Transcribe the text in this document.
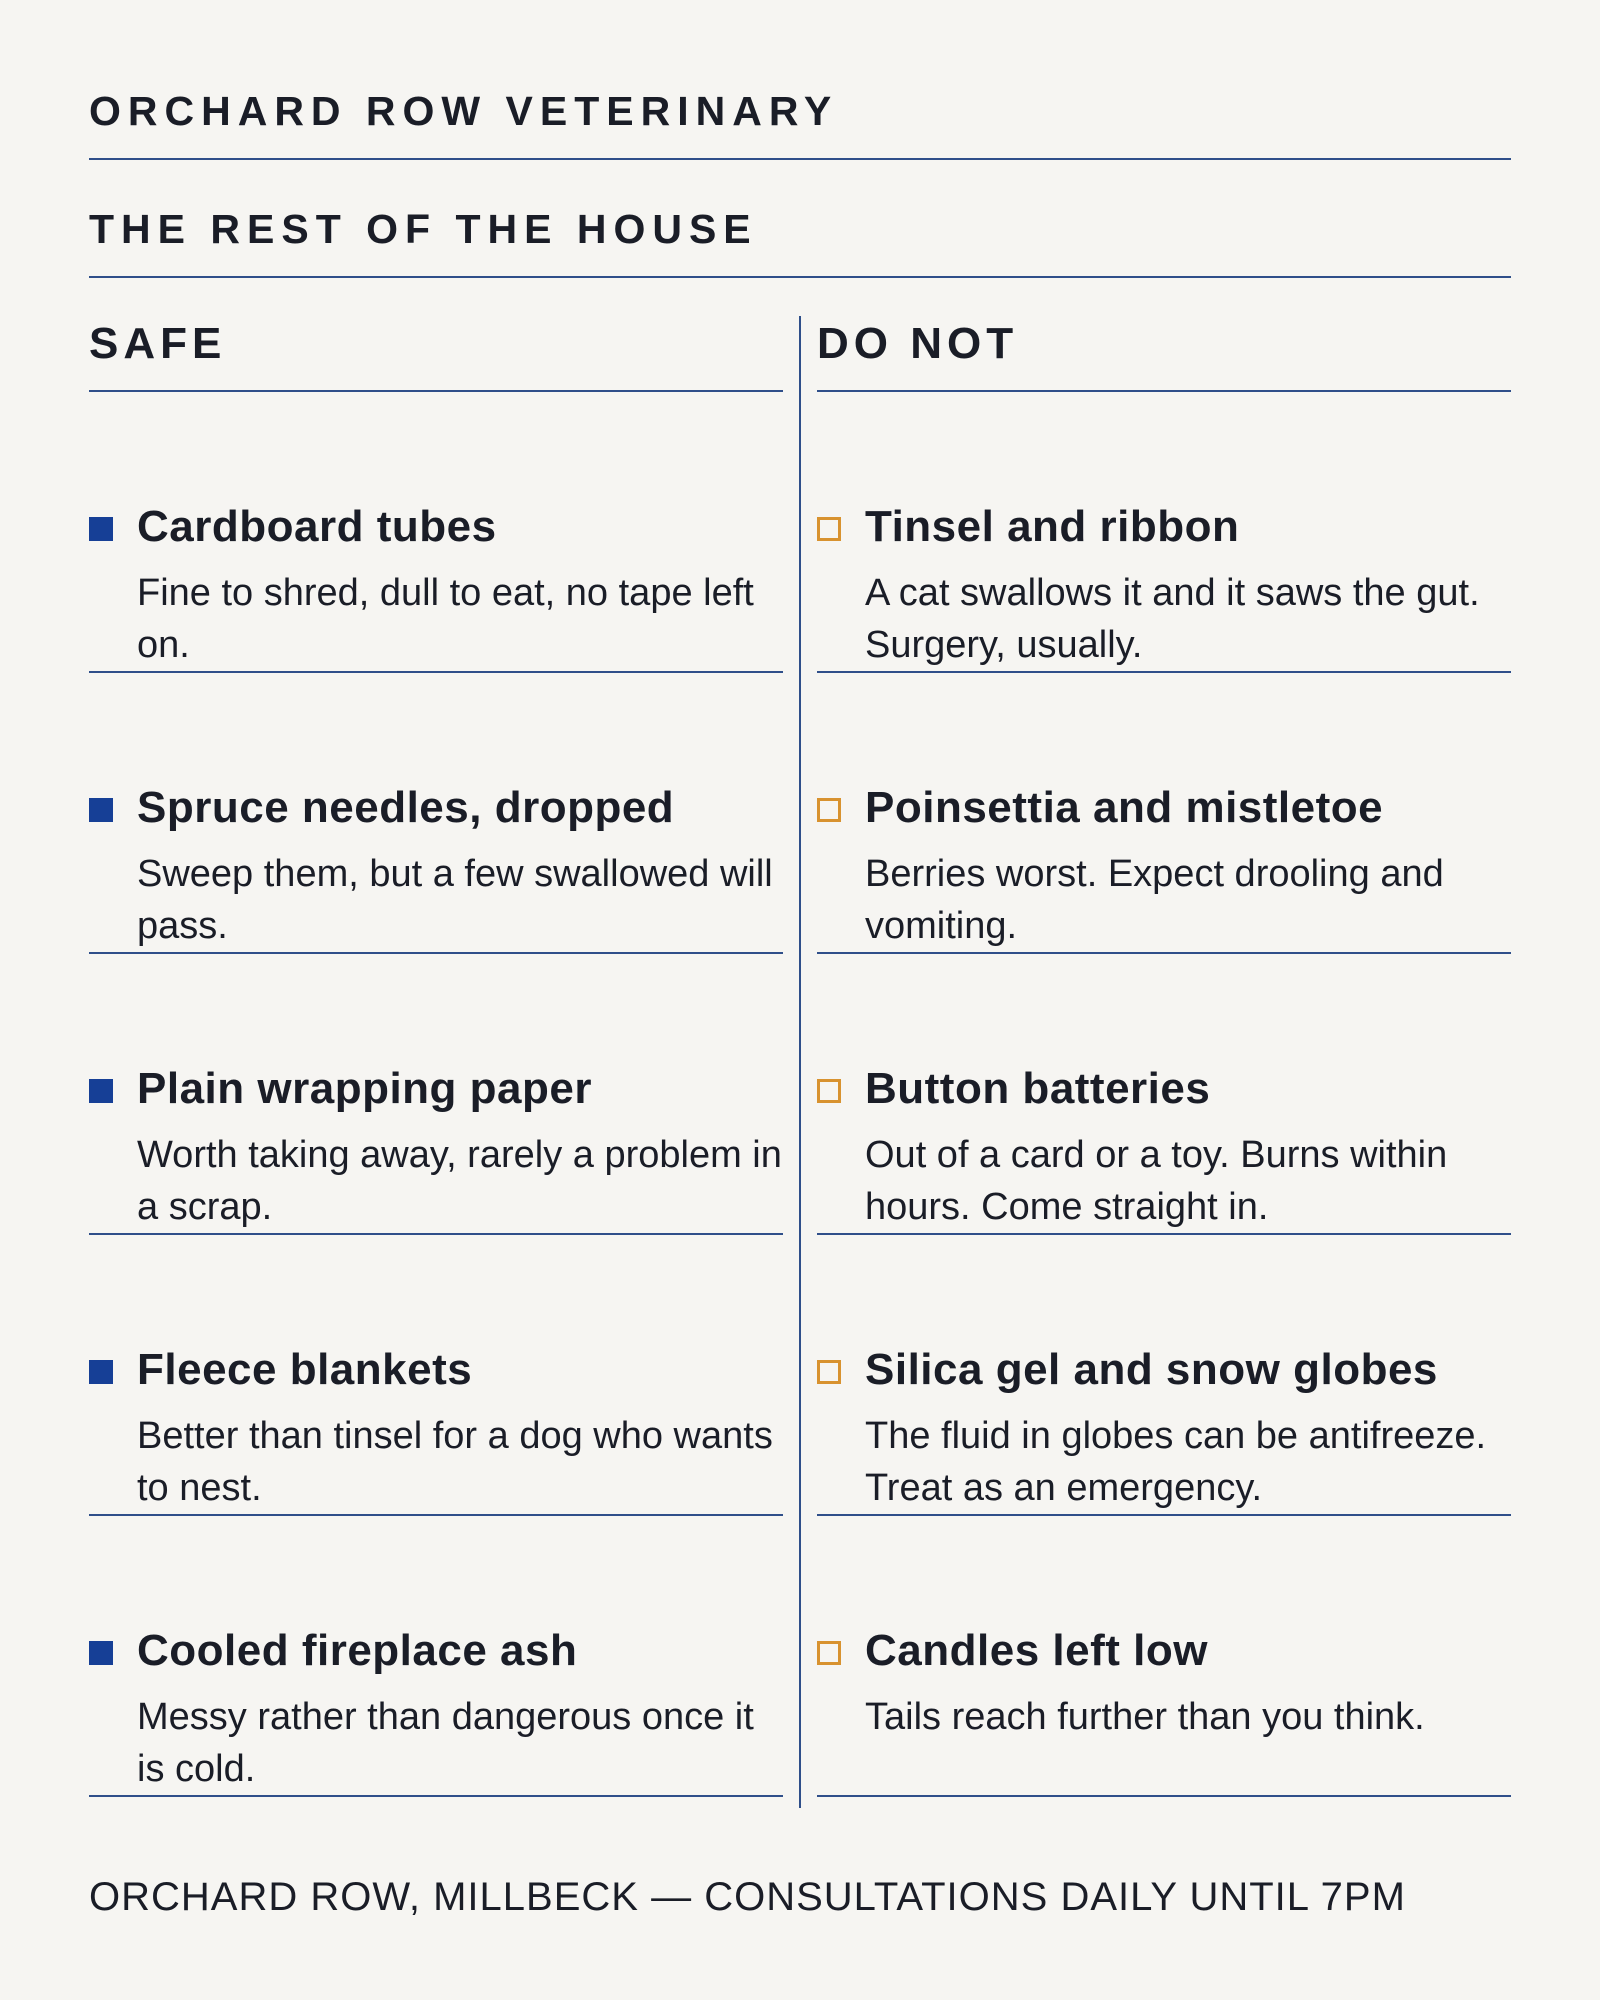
ORCHARD ROW VETERINARY
THE REST OF THE HOUSE
SAFE
Cardboard tubes

Fine to shred, dull to eat, no tape left on.

Spruce needles, dropped

Sweep them, but a few swallowed will pass.

Plain wrapping paper

Worth taking away, rarely a problem in a scrap.

Fleece blankets

Better than tinsel for a dog who wants to nest.

Cooled fireplace ash

Messy rather than dangerous once it is cold.

DO NOT
Tinsel and ribbon

A cat swallows it and it saws the gut. Surgery, usually.

Poinsettia and mistletoe

Berries worst. Expect drooling and vomiting.

Button batteries

Out of a card or a toy. Burns within hours. Come straight in.

Silica gel and snow globes

The fluid in globes can be antifreeze. Treat as an emergency.

Candles left low

Tails reach further than you think.

ORCHARD ROW, MILLBECK — CONSULTATIONS DAILY UNTIL 7PM
